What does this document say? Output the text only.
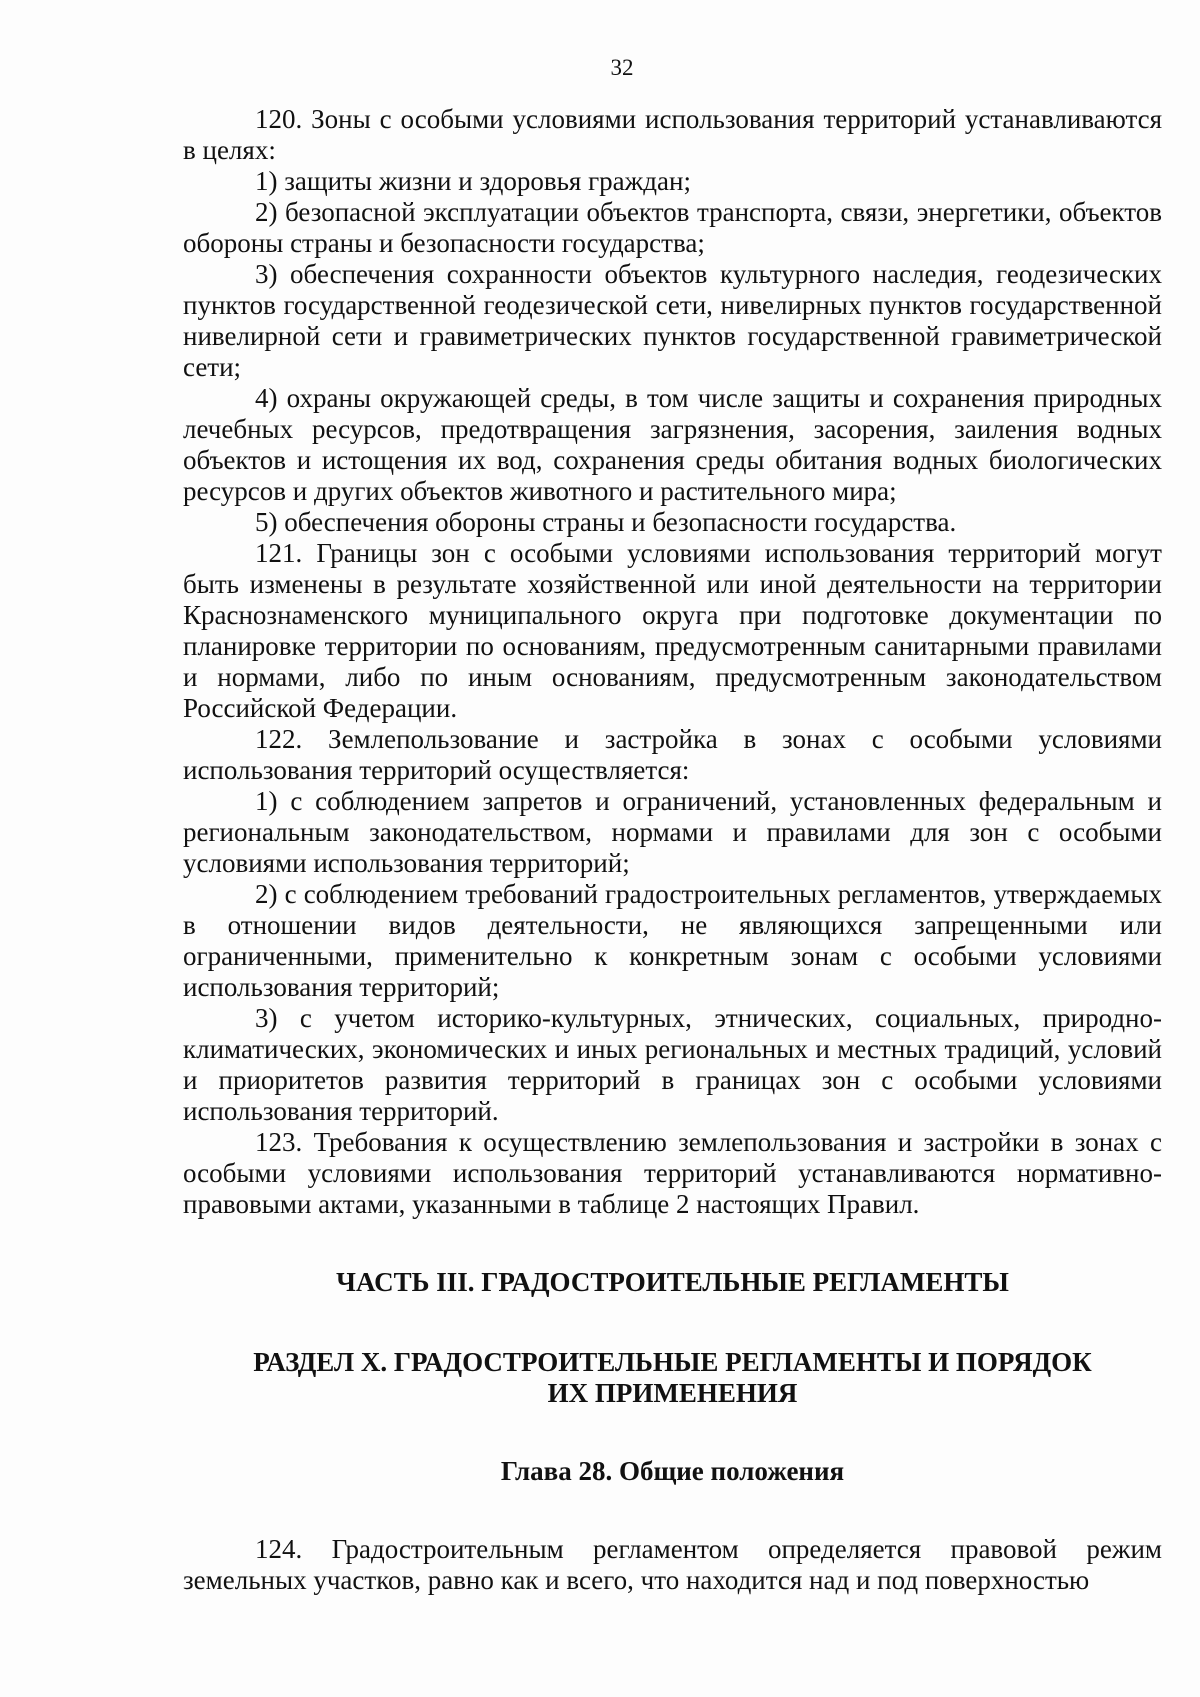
32

120. Зоны с особыми условиями использования территорий устанавливаются в целях:

1) защиты жизни и здоровья граждан;

2) безопасной эксплуатации объектов транспорта, связи, энергетики, объектов обороны страны и безопасности государства;

3) обеспечения сохранности объектов культурного наследия, геодезических пунктов государственной геодезической сети, нивелирных пунктов государственной нивелирной сети и гравиметрических пунктов государственной гравиметрической сети;

4) охраны окружающей среды, в том числе защиты и сохранения природных лечебных ресурсов, предотвращения загрязнения, засорения, заиления водных объектов и истощения их вод, сохранения среды обитания водных биологических ресурсов и других объектов животного и растительного мира;

5) обеспечения обороны страны и безопасности государства.

121. Границы зон с особыми условиями использования территорий могут быть изменены в результате хозяйственной или иной деятельности на территории Краснознаменского муниципального округа при подготовке документации по планировке территории по основаниям, предусмотренным санитарными правилами и нормами, либо по иным основаниям, предусмотренным законодательством Российской Федерации.

122. Землепользование и застройка в зонах с особыми условиями использования территорий осуществляется:

1) с соблюдением запретов и ограничений, установленных федеральным и региональным законодательством, нормами и правилами для зон с особыми условиями использования территорий;

2) с соблюдением требований градостроительных регламентов, утверждаемых в отношении видов деятельности, не являющихся запрещенными или ограниченными, применительно к конкретным зонам с особыми условиями использования территорий;

3) с учетом историко-культурных, этнических, социальных, природно-климатических, экономических и иных региональных и местных традиций, условий и приоритетов развития территорий в границах зон с особыми условиями использования территорий.

123. Требования к осуществлению землепользования и застройки в зонах с особыми условиями использования территорий устанавливаются нормативно-правовыми актами, указанными в таблице 2 настоящих Правил.

ЧАСТЬ III. ГРАДОСТРОИТЕЛЬНЫЕ РЕГЛАМЕНТЫ
РАЗДЕЛ X. ГРАДОСТРОИТЕЛЬНЫЕ РЕГЛАМЕНТЫ И ПОРЯДОК
ИХ ПРИМЕНЕНИЯ
Глава 28. Общие положения

124. Градостроительным регламентом определяется правовой режим земельных участков, равно как и всего, что находится над и под поверхностью
